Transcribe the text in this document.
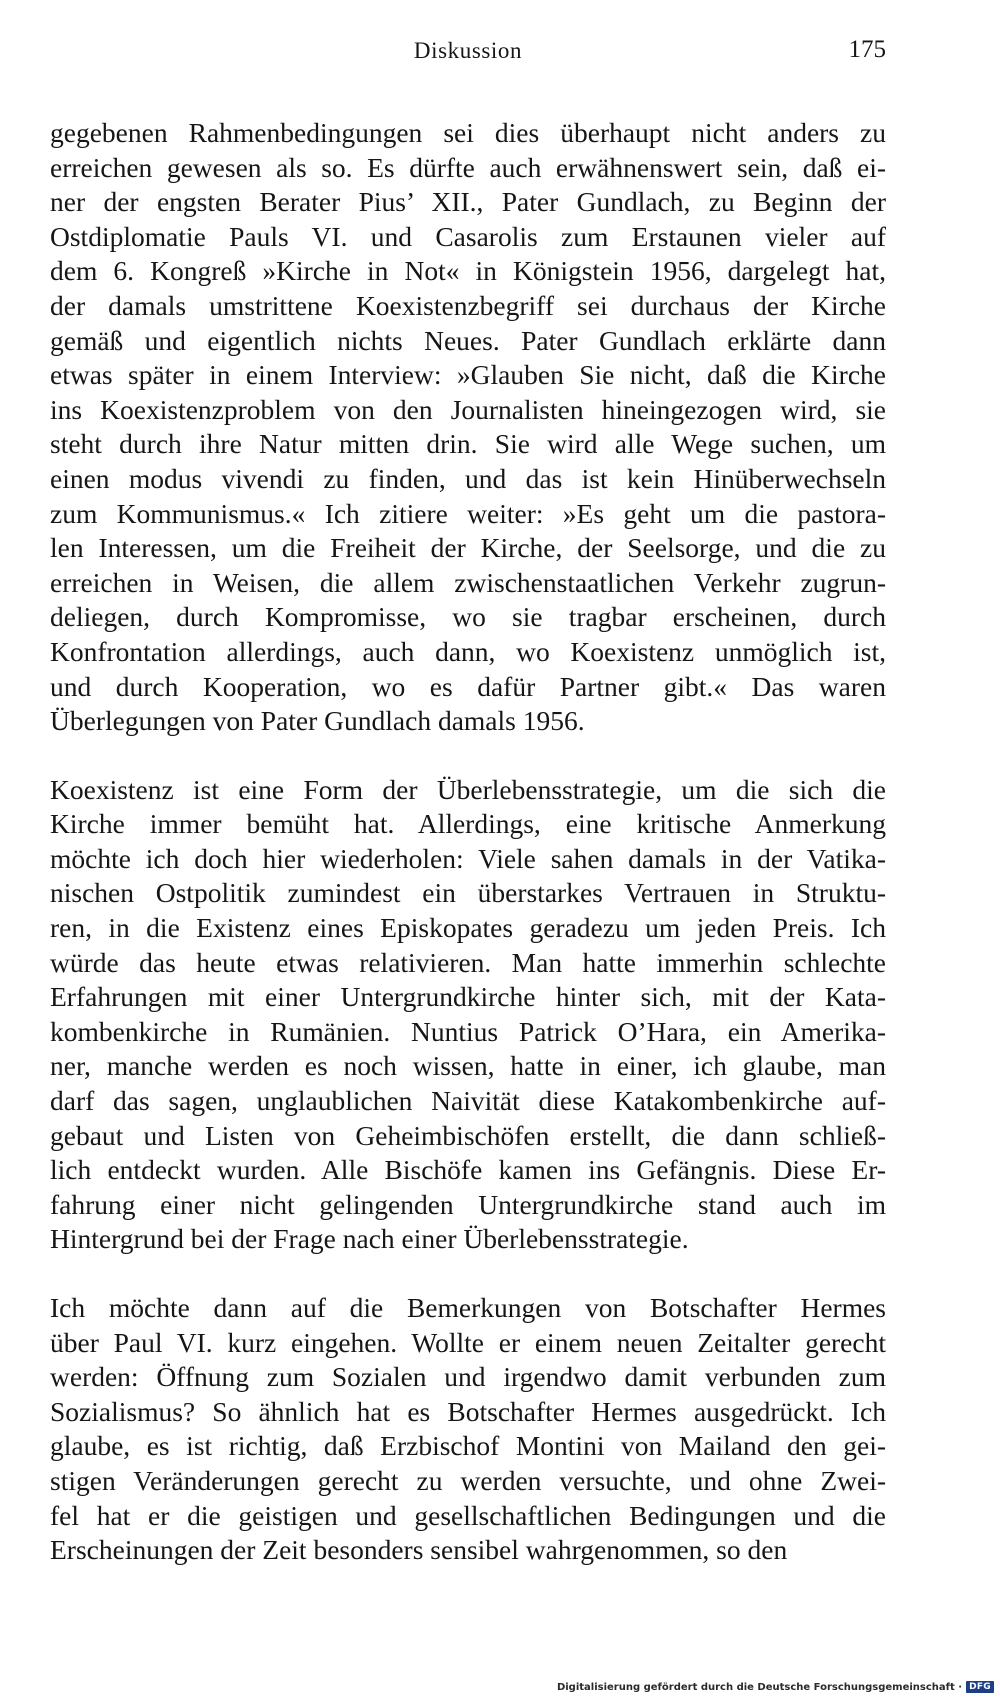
Diskussion	175
gegebenen Rahmenbedingungen sei dies überhaupt nicht anders zu
erreichen gewesen als so. Es dürfte auch erwähnenswert sein, daß ei-
ner der engsten Berater Pius’ XII., Pater Gundlach, zu Beginn der
Ostdiplomatie Pauls VI. und Casarolis zum Erstaunen vieler auf
dem 6. Kongreß »Kirche in Not« in Königstein 1956, dargelegt hat,
der damals umstrittene Koexistenzbegriff sei durchaus der Kirche
gemäß und eigentlich nichts Neues. Pater Gundlach erklärte dann
etwas später in einem Interview: »Glauben Sie nicht, daß die Kirche
ins Koexistenzproblem von den Journalisten hineingezogen wird, sie
steht durch ihre Natur mitten drin. Sie wird alle Wege suchen, um
einen modus vivendi zu finden, und das ist kein Hinüberwechseln
zum Kommunismus.« Ich zitiere weiter: »Es geht um die pastora-
len Interessen, um die Freiheit der Kirche, der Seelsorge, und die zu
erreichen in Weisen, die allem zwischenstaatlichen Verkehr zugrun-
deliegen, durch Kompromisse, wo sie tragbar erscheinen, durch
Konfrontation allerdings, auch dann, wo Koexistenz unmöglich ist,
und durch Kooperation, wo es dafür Partner gibt.« Das waren
Überlegungen von Pater Gundlach damals 1956.
Koexistenz ist eine Form der Überlebensstrategie, um die sich die
Kirche immer bemüht hat. Allerdings, eine kritische Anmerkung
möchte ich doch hier wiederholen: Viele sahen damals in der Vatika-
nischen Ostpolitik zumindest ein überstarkes Vertrauen in Struktu-
ren, in die Existenz eines Episkopates geradezu um jeden Preis. Ich
würde das heute etwas relativieren. Man hatte immerhin schlechte
Erfahrungen mit einer Untergrundkirche hinter sich, mit der Kata-
kombenkirche in Rumänien. Nuntius Patrick O’Hara, ein Amerika-
ner, manche werden es noch wissen, hatte in einer, ich glaube, man
darf das sagen, unglaublichen Naivität diese Katakombenkirche auf-
gebaut und Listen von Geheimbischöfen erstellt, die dann schließ-
lich entdeckt wurden. Alle Bischöfe kamen ins Gefängnis. Diese Er-
fahrung einer nicht gelingenden Untergrundkirche stand auch im
Hintergrund bei der Frage nach einer Überlebensstrategie.
Ich möchte dann auf die Bemerkungen von Botschafter Hermes
über Paul VI. kurz eingehen. Wollte er einem neuen Zeitalter gerecht
werden: Öffnung zum Sozialen und irgendwo damit verbunden zum
Sozialismus? So ähnlich hat es Botschafter Hermes ausgedrückt. Ich
glaube, es ist richtig, daß Erzbischof Montini von Mailand den gei-
stigen Veränderungen gerecht zu werden versuchte, und ohne Zwei-
fel hat er die geistigen und gesellschaftlichen Bedingungen und die
Erscheinungen der Zeit besonders sensibel wahrgenommen, so den
Digitalisierung gefördert durch die Deutsche Forschungsgemeinschaft · DFG
